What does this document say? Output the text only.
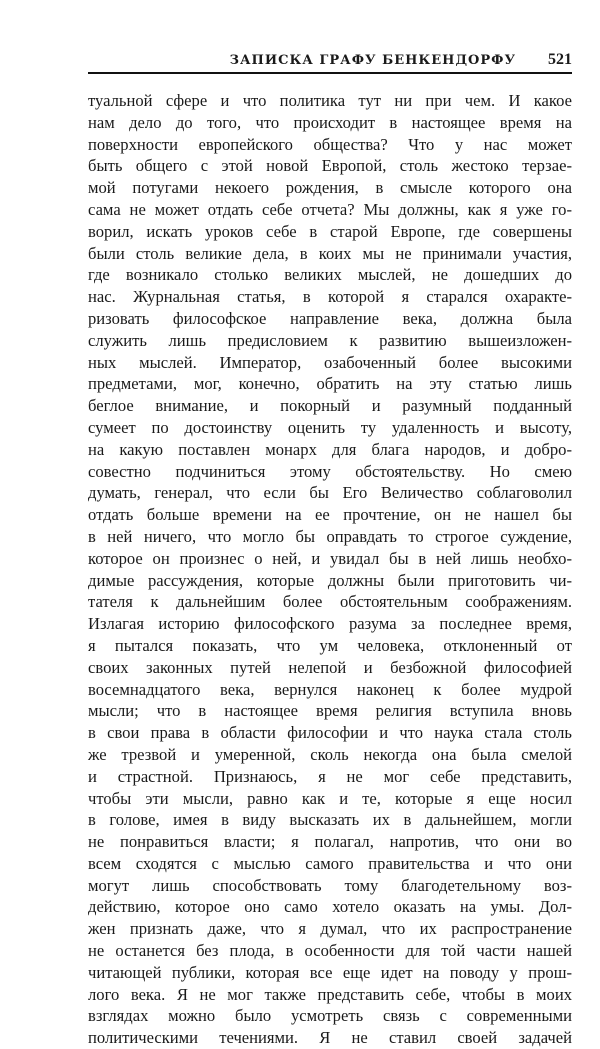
ЗАПИСКА ГРАФУ БЕНКЕНДОРФУ 521
туальной сфере и что политика тут ни при чем. И какое
нам дело до того, что происходит в настоящее время на
поверхности европейского общества? Что у нас может
быть общего с этой новой Европой, столь жестоко терзае-
мой потугами некоего рождения, в смысле которого она
сама не может отдать себе отчета? Мы должны, как я уже го-
ворил, искать уроков себе в старой Европе, где совершены
были столь великие дела, в коих мы не принимали участия,
где возникало столько великих мыслей, не дошедших до
нас. Журнальная статья, в которой я старался охаракте-
ризовать философское направление века, должна была
служить лишь предисловием к развитию вышеизложен-
ных мыслей. Император, озабоченный более высокими
предметами, мог, конечно, обратить на эту статью лишь
беглое внимание, и покорный и разумный подданный
сумеет по достоинству оценить ту удаленность и высоту,
на какую поставлен монарх для блага народов, и добро-
совестно подчиниться этому обстоятельству. Но смею
думать, генерал, что если бы Его Величество соблаговолил
отдать больше времени на ее прочтение, он не нашел бы
в ней ничего, что могло бы оправдать то строгое суждение,
которое он произнес о ней, и увидал бы в ней лишь необхо-
димые рассуждения, которые должны были приготовить чи-
тателя к дальнейшим более обстоятельным соображениям.
Излагая историю философского разума за последнее время,
я пытался показать, что ум человека, отклоненный от
своих законных путей нелепой и безбожной философией
восемнадцатого века, вернулся наконец к более мудрой
мысли; что в настоящее время религия вступила вновь
в свои права в области философии и что наука стала столь
же трезвой и умеренной, сколь некогда она была смелой
и страстной. Признаюсь, я не мог себе представить,
чтобы эти мысли, равно как и те, которые я еще носил
в голове, имея в виду высказать их в дальнейшем, могли
не понравиться власти; я полагал, напротив, что они во
всем сходятся с мыслью самого правительства и что они
могут лишь способствовать тому благодетельному воз-
действию, которое оно само хотело оказать на умы. Дол-
жен признать даже, что я думал, что их распространение
не останется без плода, в особенности для той части нашей
читающей публики, которая все еще идет на поводу у прош-
лого века. Я не мог также представить себе, чтобы в моих
взглядах можно было усмотреть связь с современными
политическими течениями. Я не ставил своей задачей
